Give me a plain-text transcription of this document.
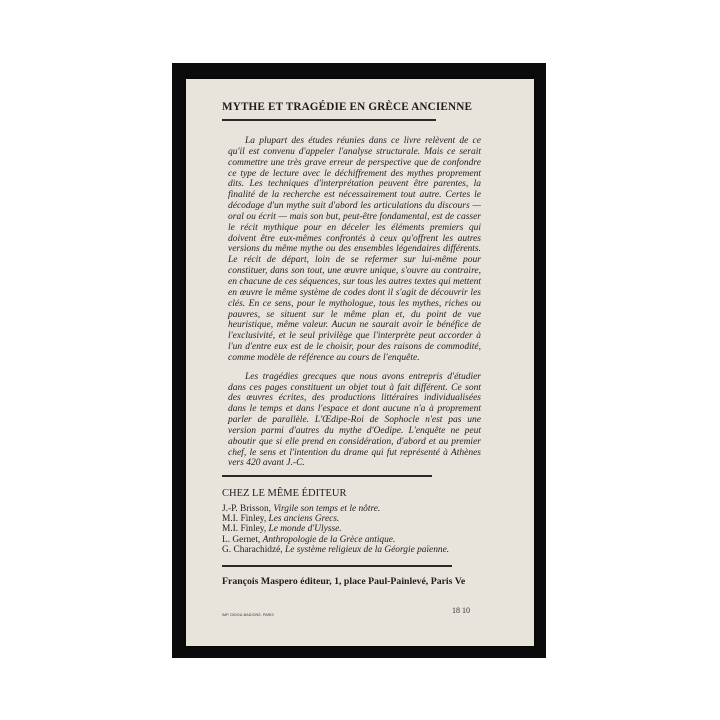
MYTHE ET TRAGÉDIE EN GRÈCE ANCIENNE

La plupart des études réunies dans ce livre relèvent de ce qu'il est convenu d'appeler l'analyse structurale. Mais ce serait commettre une très grave erreur de perspective que de confondre ce type de lecture avec le déchiffrement des mythes proprement dits. Les techniques d'interprétation peuvent être parentes, la finalité de la recherche est nécessairement tout autre. Certes le décodage d'un mythe suit d'abord les articulations du discours — oral ou écrit — mais son but, peut-être fondamental, est de casser le récit mythique pour en déceler les éléments premiers qui doivent être eux-mêmes confrontés à ceux qu'offrent les autres versions du même mythe ou des ensembles légendaires différents. Le récit de départ, loin de se refermer sur lui-même pour constituer, dans son tout, une œuvre unique, s'ouvre au contraire, en chacune de ces séquences, sur tous les autres textes qui mettent en œuvre le même système de codes dont il s'agit de découvrir les clés. En ce sens, pour le mythologue, tous les mythes, riches ou pauvres, se situent sur le même plan et, du point de vue heuristique, même valeur. Aucun ne saurait avoir le bénéfice de l'exclusivité, et le seul privilège que l'interprète peut accorder à l'un d'entre eux est de le choisir, pour des raisons de commodité, comme modèle de référence au cours de l'enquête.

Les tragédies grecques que nous avons entrepris d'étudier dans ces pages constituent un objet tout à fait différent. Ce sont des œuvres écrites, des productions littéraires individualisées dans le temps et dans l'espace et dont aucune n'a à proprement parler de parallèle. L'Œdipe-Roi de Sophocle n'est pas une version parmi d'autres du mythe d'Oedipe. L'enquête ne peut aboutir que si elle prend en considération, d'abord et au premier chef, le sens et l'intention du drame qui fut représenté à Athènes vers 420 avant J.-C.

CHEZ LE MÊME ÉDITEUR
J.-P. Brisson, Virgile son temps et le nôtre.
M.I. Finley, Les anciens Grecs.
M.I. Finley, Le monde d'Ulysse.
L. Gernet, Anthropologie de la Grèce antique.
G. Charachidzé, Le système religieux de la Géorgie païenne.
François Maspero éditeur, 1, place Paul-Painlevé, Paris Ve
IMP. DIDOU-BADIONS, PARIS	18 10
